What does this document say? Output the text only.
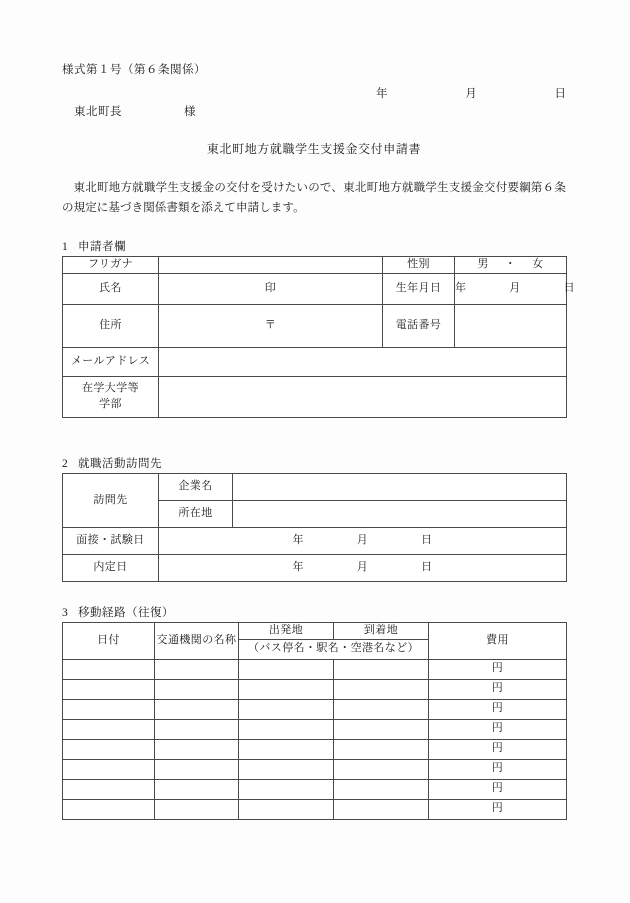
様式第１号（第６条関係）
年	月	日
東北町長	様
東北町地方就職学生支援金交付申請書
東北町地方就職学生支援金の交付を受けたいので、東北町地方就職学生支援金交付要綱第６条の規定に基づき関係書類を添えて申請します。
1 申請者欄
フリガナ		性別	男 ・ 女

氏名	印	生年月日	年 月 日

住所	〒	電話番号	
メールアドレス			
在学大学等
学部			
2 就職活動訪問先
訪問先	企業名	
	所在地	
面接・試験日	年 月 日	

内定日	年 月 日	
3 移動経路（往復）
日付	交通機関の名称	出発地	到着地	費用
		（バス停名・駅名・空港名など）		
				円
				円
				円
				円
				円
				円
				円
				円
